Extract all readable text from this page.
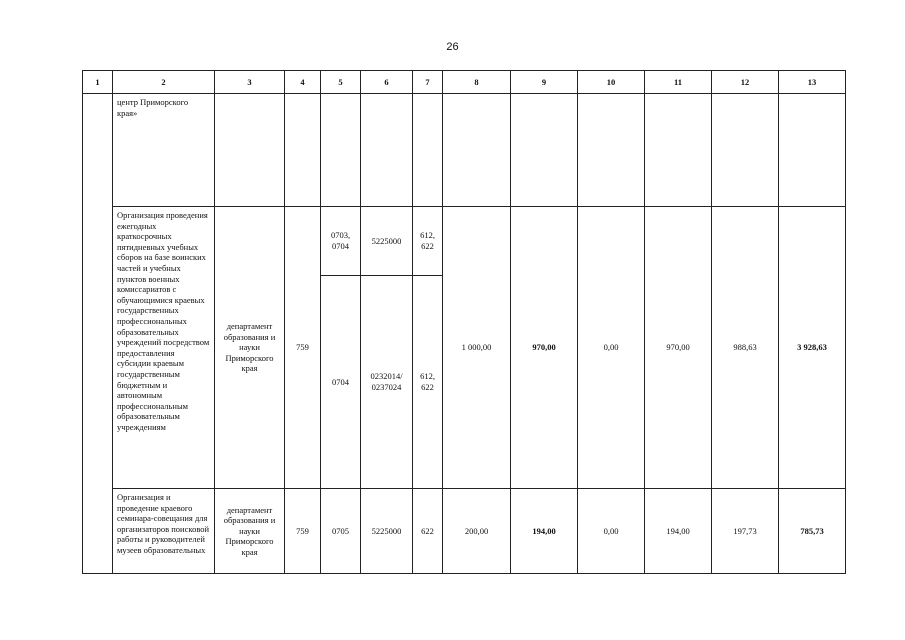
26
1	2	3	4	5	6	7	8	9	10	11	12	13
	центр Приморского края»											
	Организация проведения ежегодных краткосрочных пятидневных учебных сборов на базе воинских частей и учебных пунктов военных комиссариатов с обучающимися краевых государственных профессиональных образовательных учреждений посредством предоставления субсидии краевым государственным бюджетным и автономным профессиональным образовательным учреждениям	департамент образования и науки Приморского края	759	0703, 0704	5225000	612, 622	1 000,00	970,00	0,00	970,00	988,63	3 928,63
				0704	0232014/ 0237024	612, 622						
	Организация и проведение краевого семинара-совещания для организаторов поисковой работы и руководителей музеев образовательных	департамент образования и науки Приморского края	759	0705	5225000	622	200,00	194,00	0,00	194,00	197,73	785,73
